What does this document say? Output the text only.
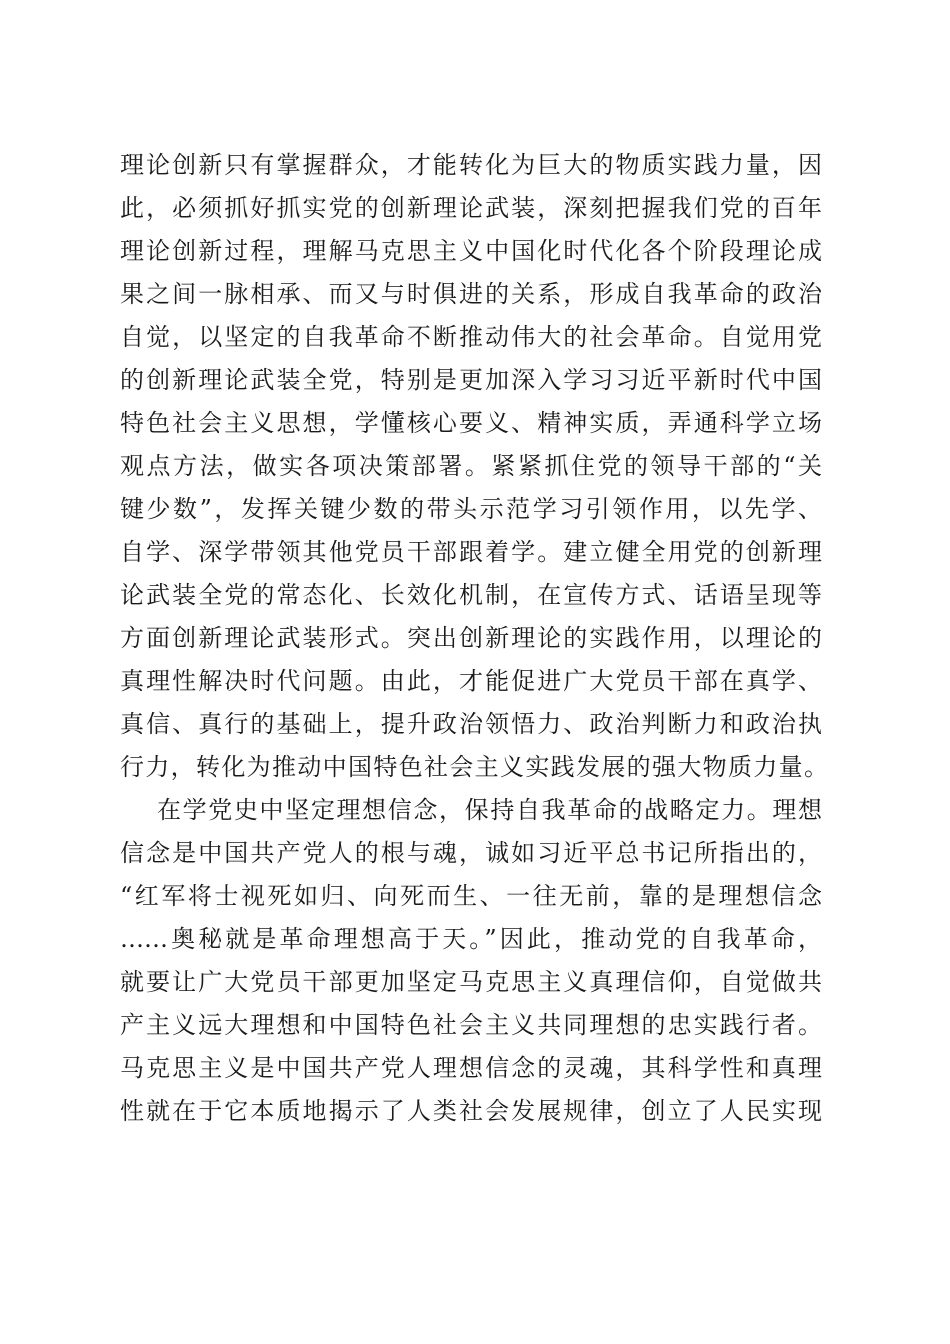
理论创新只有掌握群众，才能转化为巨大的物质实践力量，因
此，必须抓好抓实党的创新理论武装，深刻把握我们党的百年
理论创新过程，理解马克思主义中国化时代化各个阶段理论成
果之间一脉相承、而又与时俱进的关系，形成自我革命的政治
自觉，以坚定的自我革命不断推动伟大的社会革命。自觉用党
的创新理论武装全党，特别是更加深入学习习近平新时代中国
特色社会主义思想，学懂核心要义、精神实质，弄通科学立场
观点方法，做实各项决策部署。紧紧抓住党的领导干部的“关
键少数”，发挥关键少数的带头示范学习引领作用，以先学、
自学、深学带领其他党员干部跟着学。建立健全用党的创新理
论武装全党的常态化、长效化机制，在宣传方式、话语呈现等
方面创新理论武装形式。突出创新理论的实践作用，以理论的
真理性解决时代问题。由此，才能促进广大党员干部在真学、
真信、真行的基础上，提升政治领悟力、政治判断力和政治执
行力，转化为推动中国特色社会主义实践发展的强大物质力量。
在学党史中坚定理想信念，保持自我革命的战略定力。理想
信念是中国共产党人的根与魂，诚如习近平总书记所指出的，
“红军将士视死如归、向死而生、一往无前，靠的是理想信念
……奥秘就是革命理想高于天。”因此，推动党的自我革命，
就要让广大党员干部更加坚定马克思主义真理信仰，自觉做共
产主义远大理想和中国特色社会主义共同理想的忠实践行者。
马克思主义是中国共产党人理想信念的灵魂，其科学性和真理
性就在于它本质地揭示了人类社会发展规律，创立了人民实现
